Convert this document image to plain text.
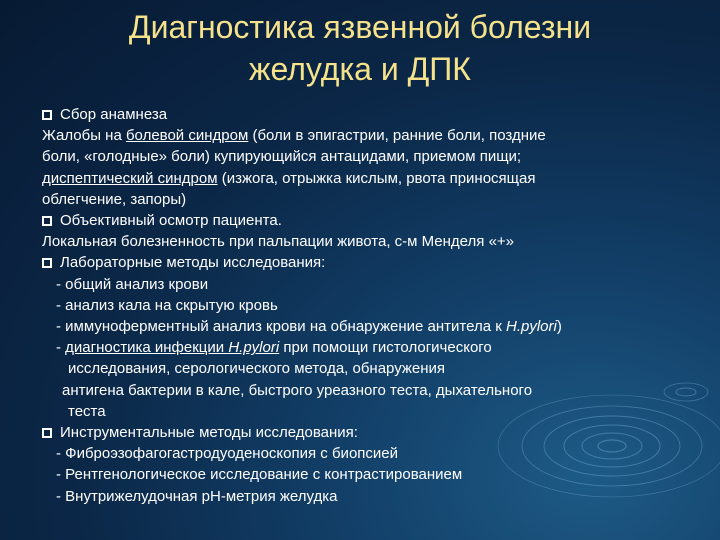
Диагностика язвенной болезни
желудка и ДПК
Сбор анамнеза
Жалобы на болевой синдром (боли в эпигастрии, ранние боли, поздние
боли, «голодные» боли) купирующийся антацидами, приемом пищи;
диспептический синдром (изжога, отрыжка кислым, рвота приносящая
облегчение, запоры)
Объективный осмотр пациента.
Локальная болезненность при пальпации живота, с-м Менделя «+»
Лабораторные методы исследования:
- общий анализ крови
- анализ кала на скрытую кровь
- иммуноферментный анализ крови на обнаружение антитела к H.pylori)
- диагностика инфекции H.pylori при помощи гистологического
исследования, серологического метода, обнаружения
антигена бактерии в кале, быстрого уреазного теста, дыхательного
теста
Инструментальные методы исследования:
- Фиброэзофагогастродуоденоскопия с биопсией
- Рентгенологическое исследование с контрастированием
- Внутрижелудочная рН-метрия желудка
